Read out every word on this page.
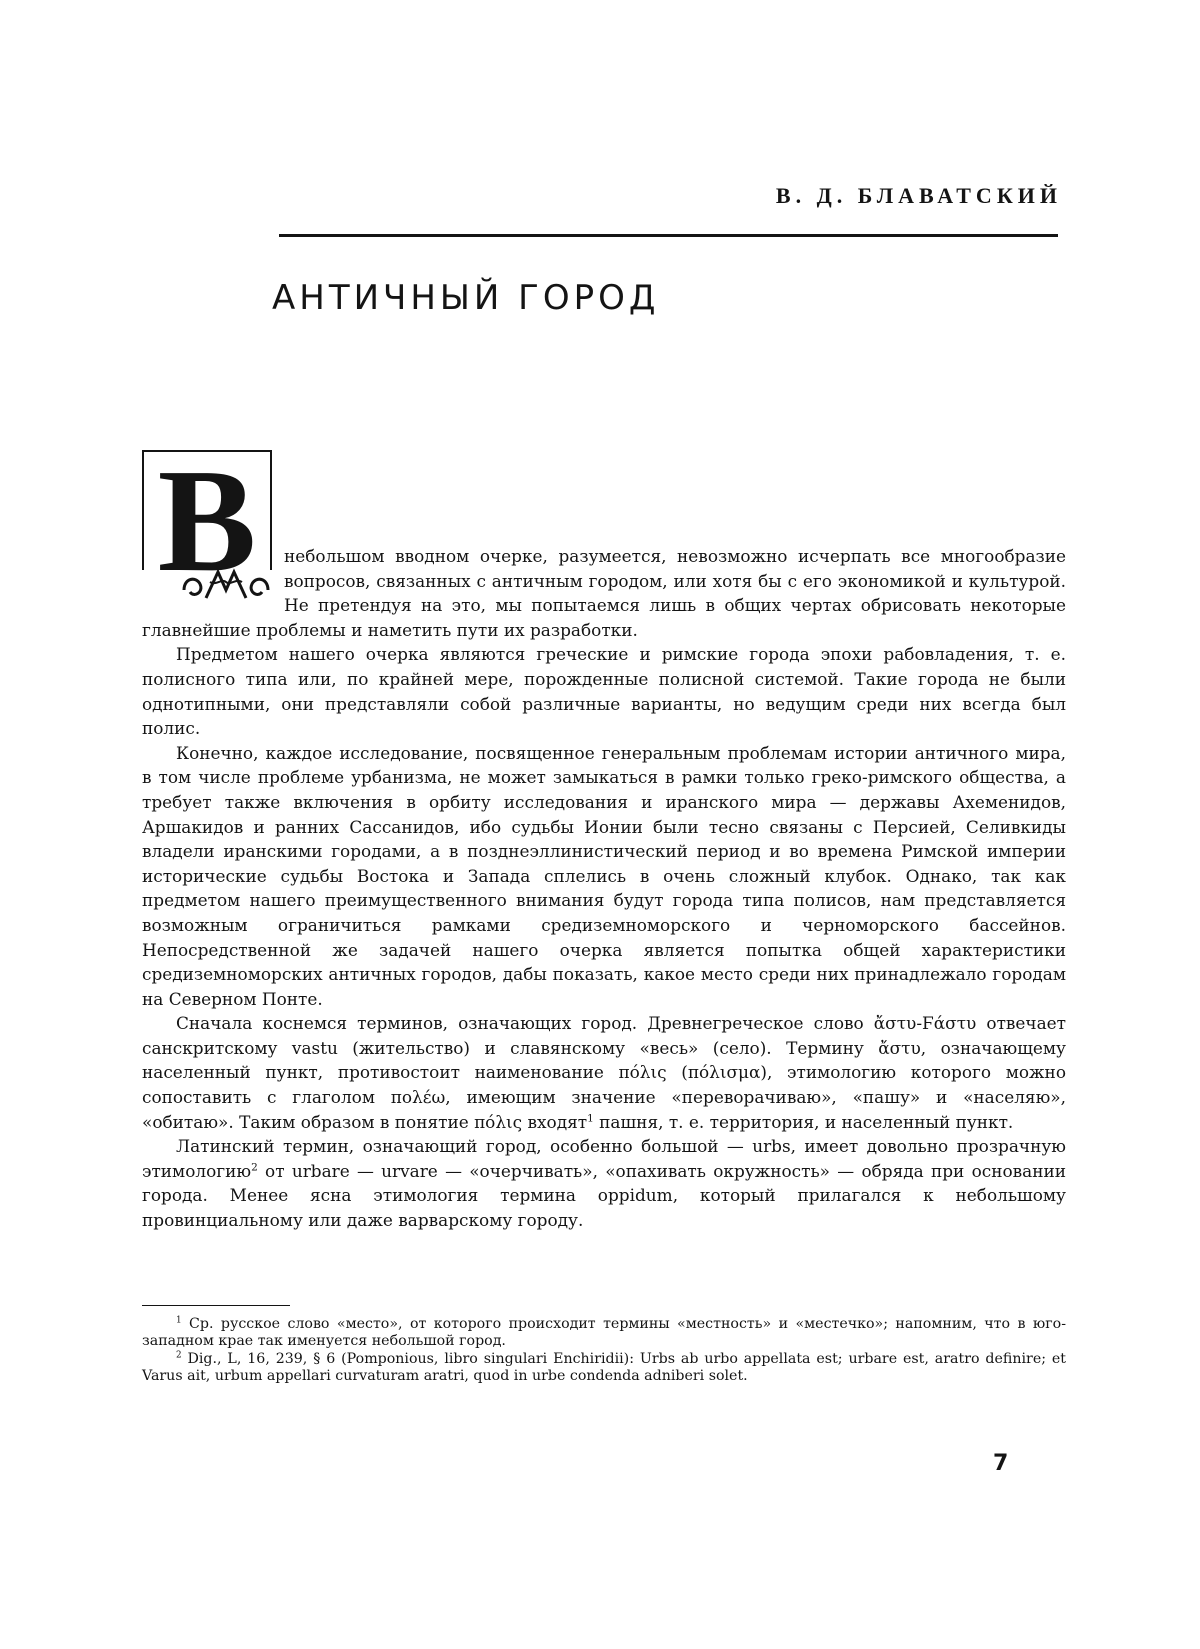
В. Д. БЛАВАТСКИЙ
АНТИЧНЫЙ ГОРОД
В	небольшом вводном очерке, разумеется, невозможно исчерпать все многообразие вопросов, связанных с античным городом, или хотя бы с его экономикой и культурой. Не претендуя на это, мы попытаемся лишь в общих чертах обрисовать некоторые главнейшие проблемы и наметить пути их разработки.

Предметом нашего очерка являются греческие и римские города эпохи рабовладения, т. е. полисного типа или, по крайней мере, порожденные полисной системой. Такие города не были однотипными, они представляли собой различные варианты, но ведущим среди них всегда был полис.

Конечно, каждое исследование, посвященное генеральным проблемам истории античного мира, в том числе проблеме урбанизма, не может замыкаться в рамки только греко-римского общества, а требует также включения в орбиту исследования и иранского мира — державы Ахеменидов, Аршакидов и ранних Сассанидов, ибо судьбы Ионии были тесно связаны с Персией, Селивкиды владели иранскими городами, а в позднеэллинистический период и во времена Римской империи исторические судьбы Востока и Запада сплелись в очень сложный клубок. Однако, так как предметом нашего преимущественного внимания будут города типа полисов, нам представляется возможным ограничиться рамками средиземноморского и черноморского бассейнов. Непосредственной же задачей нашего очерка является попытка общей характеристики средиземноморских античных городов, дабы показать, какое место среди них принадлежало городам на Северном Понте.

Сначала коснемся терминов, означающих город. Древнегреческое слово ἄστυ-Ϝάστυ отвечает санскритскому vastu (жительство) и славянскому «весь» (село). Термину ἄστυ, означающему населенный пункт, противостоит наименование πόλις (πόλισμα), этимологию которого можно сопоставить с глаголом πολέω, имеющим значение «переворачиваю», «пашу» и «населяю», «обитаю». Таким образом в понятие πόλις входят$^1$ пашня, т. е. территория, и населенный пункт.

Латинский термин, означающий город, особенно большой — urbs, имеет довольно прозрачную этимологию$^2$ от urbare — urvare — «очерчивать», «опахивать окружность» — обряда при основании города. Менее ясна этимология термина oppidum, который прилагался к небольшому провинциальному или даже варварскому городу.

$^1$ Ср. русское слово «место», от которого происходит термины «местность» и «местечко»; напомним, что в юго-западном крае так именуется небольшой город.

$^2$ Dig., L, 16, 239, § 6 (Pomponious, libro singulari Enchiridii): Urbs ab urbo appellata est; urbare est, aratro definire; et Varus ait, urbum appellari curvaturam aratri, quod in urbe condenda adniberi solet.

7
